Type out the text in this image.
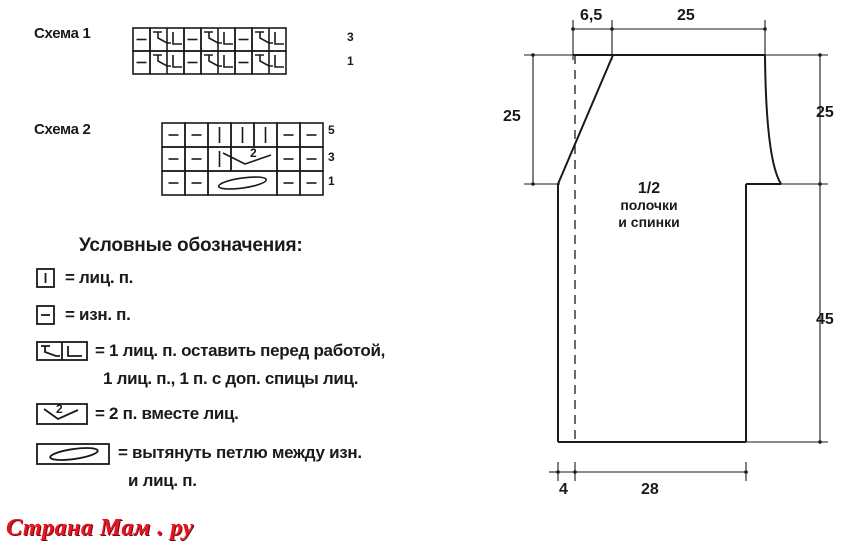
Схема 1
Схема 2
3
1
5
3
1
2
Условные обозначения:
= лиц. п.
= изн. п.
= 1 лиц. п. оставить перед работой,
1 лиц. п., 1 п. с доп. спицы лиц.
2 = 2 п. вместе лиц.
= вытянуть петлю между изн.
и лиц. п.
1/2
полочки
и спинки
6,5	25
25	25
45
4	28
Страна Мам . ру
